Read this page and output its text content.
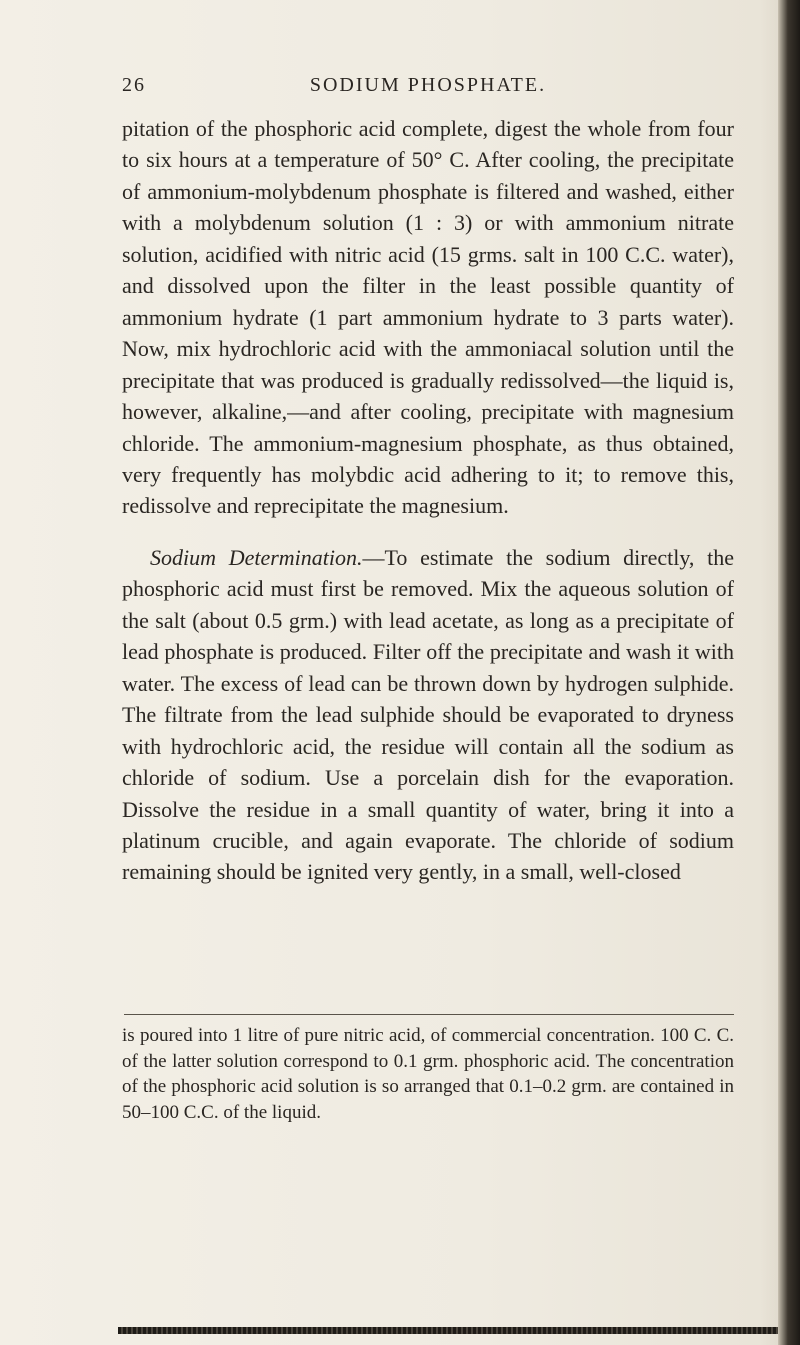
26	SODIUM PHOSPHATE.

pitation of the phosphoric acid complete, digest the whole from four to six hours at a temperature of 50° C. After cooling, the precipitate of ammonium-molybdenum phosphate is filtered and washed, either with a molybdenum solution (1 : 3) or with ammonium nitrate solution, acidified with nitric acid (15 grms. salt in 100 C.C. water), and dissolved upon the filter in the least possible quantity of ammonium hydrate (1 part ammonium hydrate to 3 parts water). Now, mix hydrochloric acid with the ammoniacal solution until the precipitate that was produced is gradually redissolved—the liquid is, however, alkaline,—and after cooling, precipitate with magnesium chloride. The ammonium-magnesium phosphate, as thus obtained, very frequently has molybdic acid adhering to it; to remove this, redissolve and reprecipitate the magnesium.

Sodium Determination.—To estimate the sodium directly, the phosphoric acid must first be removed. Mix the aqueous solution of the salt (about 0.5 grm.) with lead acetate, as long as a precipitate of lead phosphate is produced. Filter off the precipitate and wash it with water. The excess of lead can be thrown down by hydrogen sulphide. The filtrate from the lead sulphide should be evaporated to dryness with hydrochloric acid, the residue will contain all the sodium as chloride of sodium. Use a porcelain dish for the evaporation. Dissolve the residue in a small quantity of water, bring it into a platinum crucible, and again evaporate. The chloride of sodium remaining should be ignited very gently, in a small, well-closed

is poured into 1 litre of pure nitric acid, of commercial concentration. 100 C. C. of the latter solution correspond to 0.1 grm. phosphoric acid. The concentration of the phosphoric acid solution is so arranged that 0.1–0.2 grm. are contained in 50–100 C.C. of the liquid.
